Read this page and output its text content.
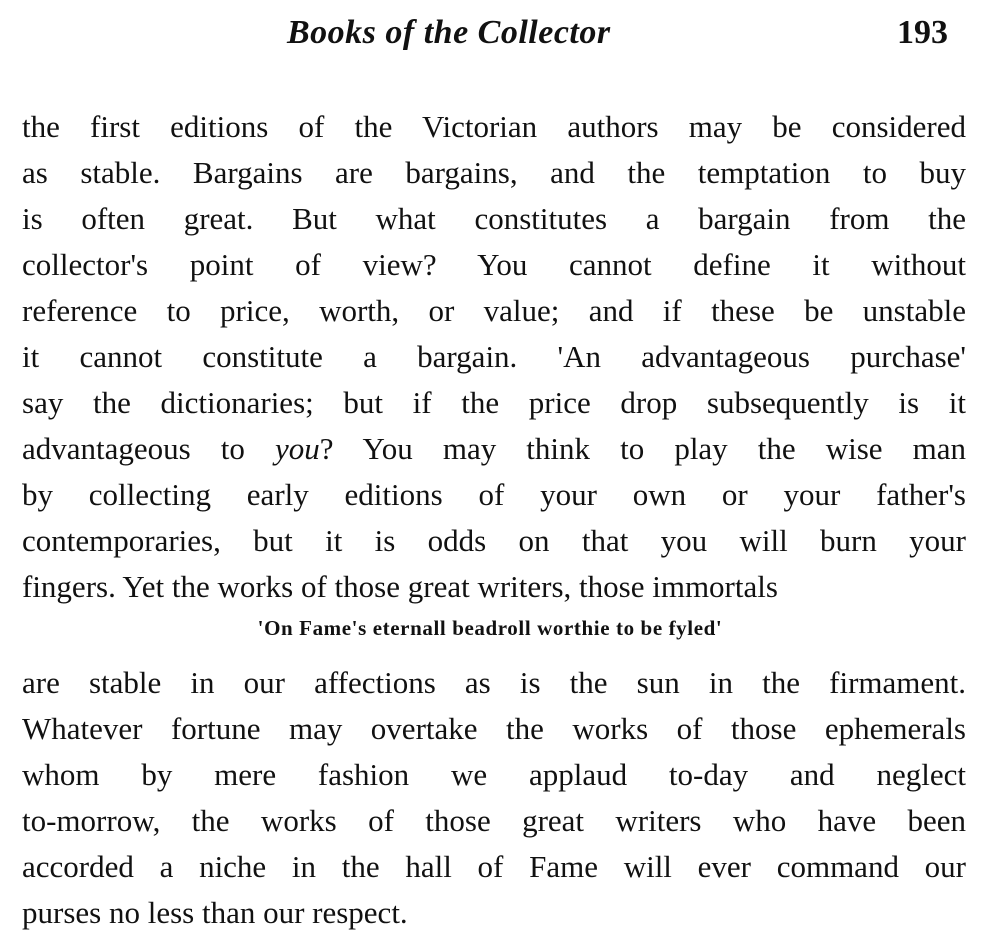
Books of the Collector	193
the first editions of the Victorian authors may be considered
as stable. Bargains are bargains, and the temptation to buy
is often great. But what constitutes a bargain from the
collector's point of view? You cannot define it without
reference to price, worth, or value; and if these be unstable
it cannot constitute a bargain. 'An advantageous purchase'
say the dictionaries; but if the price drop subsequently is it
advantageous to you? You may think to play the wise man
by collecting early editions of your own or your father's
contemporaries, but it is odds on that you will burn your
fingers. Yet the works of those great writers, those immortals
'On Fame's eternall beadroll worthie to be fyled'
are stable in our affections as is the sun in the firmament.
Whatever fortune may overtake the works of those ephemerals
whom by mere fashion we applaud to-day and neglect
to-morrow, the works of those great writers who have been
accorded a niche in the hall of Fame will ever command our
purses no less than our respect.
